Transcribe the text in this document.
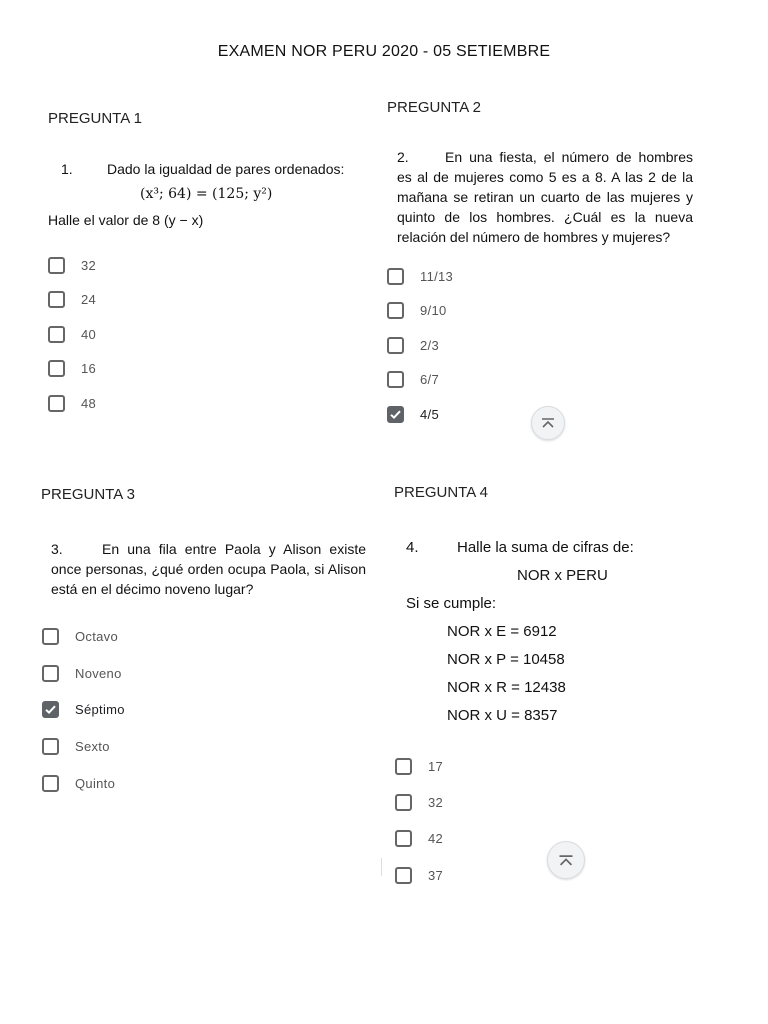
EXAMEN NOR PERU 2020 - 05 SETIEMBRE
PREGUNTA 1
1. Dado la igualdad de pares ordenados:
(x³; 64) = (125; y²)
Halle el valor de 8 (y − x)
32
24
40
16
48
PREGUNTA 2
2.	En una fiesta, el número de hombres es al de mujeres como 5 es a 8. A las 2 de la mañana se retiran un cuarto de las mujeres y quinto de los hombres. ¿Cuál es la nueva relación del número de hombres y mujeres?
11/13
9/10
2/3
6/7
4/5
PREGUNTA 3
3.	En una fila entre Paola y Alison existe once personas, ¿qué orden ocupa Paola, si Alison está en el décimo noveno lugar?
Octavo
Noveno
Séptimo
Sexto
Quinto
PREGUNTA 4
4.	Halle la suma de cifras de:
NOR x PERU
Si se cumple:
NOR x E = 6912
NOR x P = 10458
NOR x R = 12438
NOR x U = 8357
17
32
42
37
